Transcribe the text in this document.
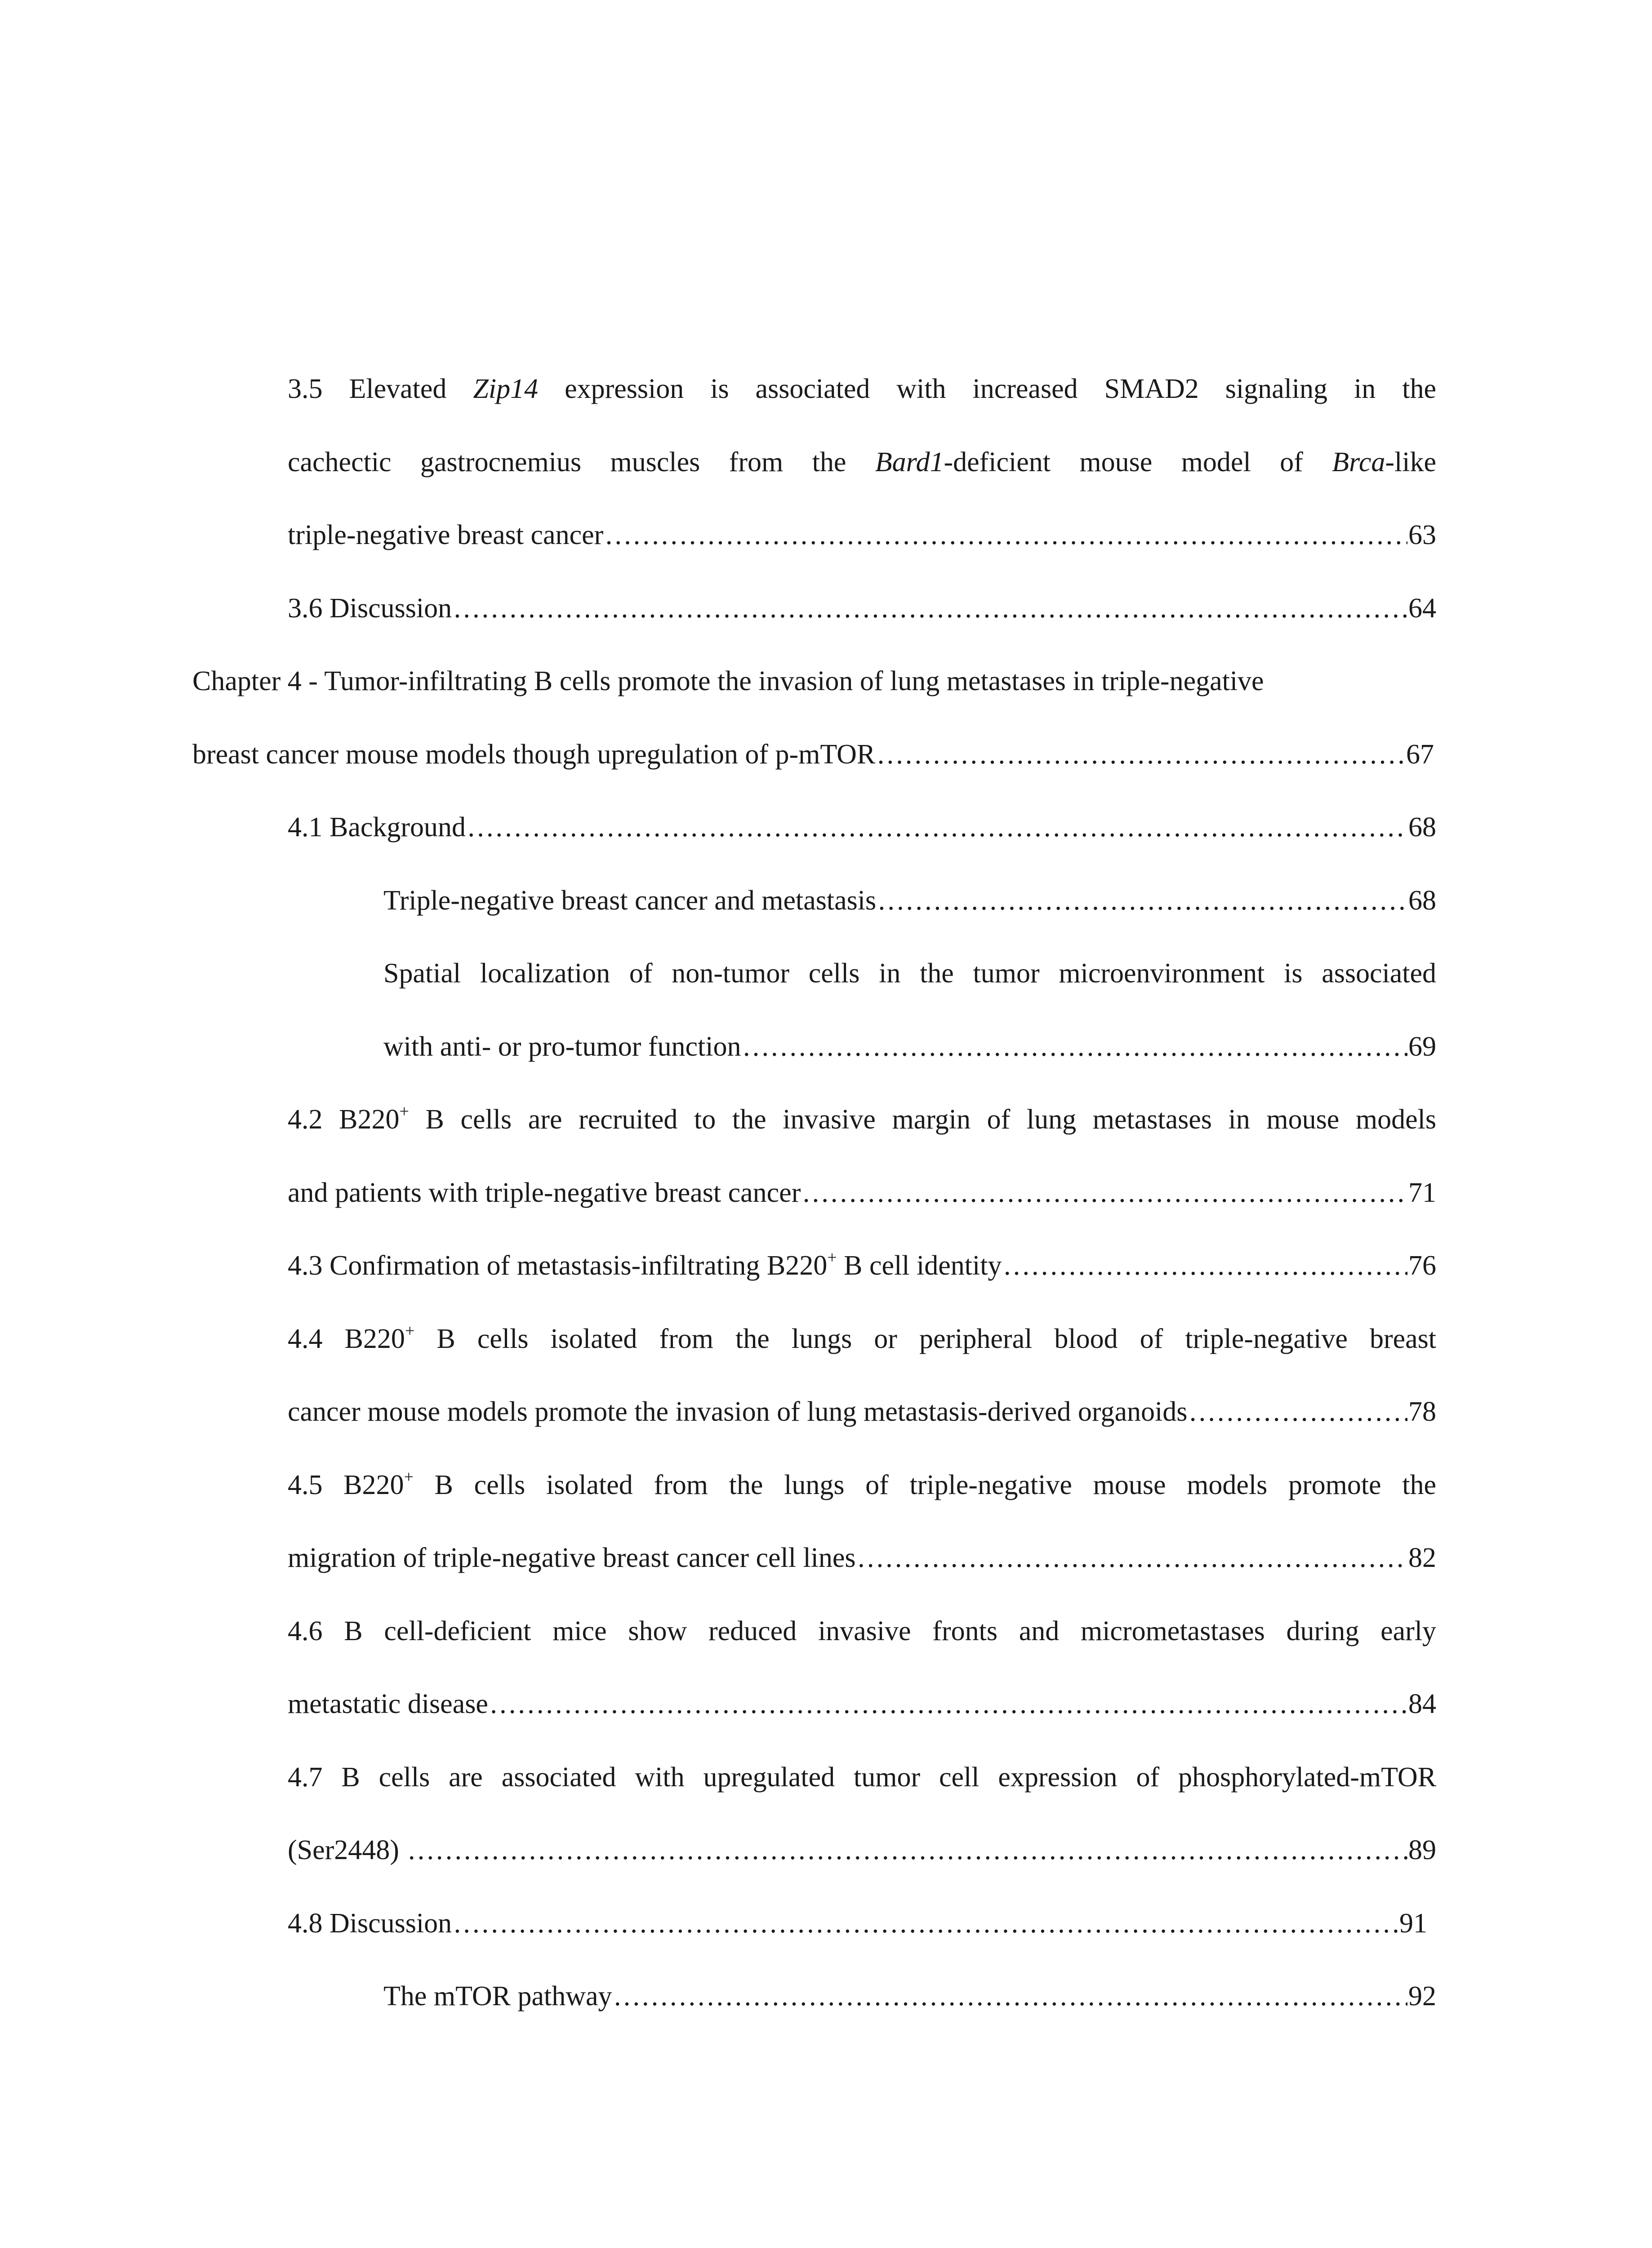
3.5 Elevated Zip14 expression is associated with increased SMAD2 signaling in the
cachectic gastrocnemius muscles from the Bard1-deficient mouse model of Brca-like
triple-negative breast cancer ………………………………………………………………………………………………………………………………………………………………………………………………………	63
3.6 Discussion ………………………………………………………………………………………………………………………………………………………………………………………………………	64
Chapter 4 - Tumor-infiltrating B cells promote the invasion of lung metastases in triple-negative
breast cancer mouse models though upregulation of p-mTOR ………………………………………………………………………………………………………………………………………………………………………………………………………	67
4.1 Background ………………………………………………………………………………………………………………………………………………………………………………………………………	68
Triple-negative breast cancer and metastasis ………………………………………………………………………………………………………………………………………………………………………………………………………	68
Spatial localization of non-tumor cells in the tumor microenvironment is associated
with anti- or pro-tumor function ………………………………………………………………………………………………………………………………………………………………………………………………………	69
4.2 B220+ B cells are recruited to the invasive margin of lung metastases in mouse models
and patients with triple-negative breast cancer ………………………………………………………………………………………………………………………………………………………………………………………………………	71
4.3 Confirmation of metastasis-infiltrating B220+ B cell identity ………………………………………………………………………………………………………………………………………………………………………………………………………	76
4.4 B220+ B cells isolated from the lungs or peripheral blood of triple-negative breast
cancer mouse models promote the invasion of lung metastasis-derived organoids ………………………………………………………………………………………………………………………………………………………………………………………………………	78
4.5 B220+ B cells isolated from the lungs of triple-negative mouse models promote the
migration of triple-negative breast cancer cell lines ………………………………………………………………………………………………………………………………………………………………………………………………………	82
4.6 B cell-deficient mice show reduced invasive fronts and micrometastases during early
metastatic disease ………………………………………………………………………………………………………………………………………………………………………………………………………	84
4.7 B cells are associated with upregulated tumor cell expression of phosphorylated-mTOR
(Ser2448) ………………………………………………………………………………………………………………………………………………………………………………………………………	89
4.8 Discussion ………………………………………………………………………………………………………………………………………………………………………………………………………	91
The mTOR pathway ………………………………………………………………………………………………………………………………………………………………………………………………………	92
